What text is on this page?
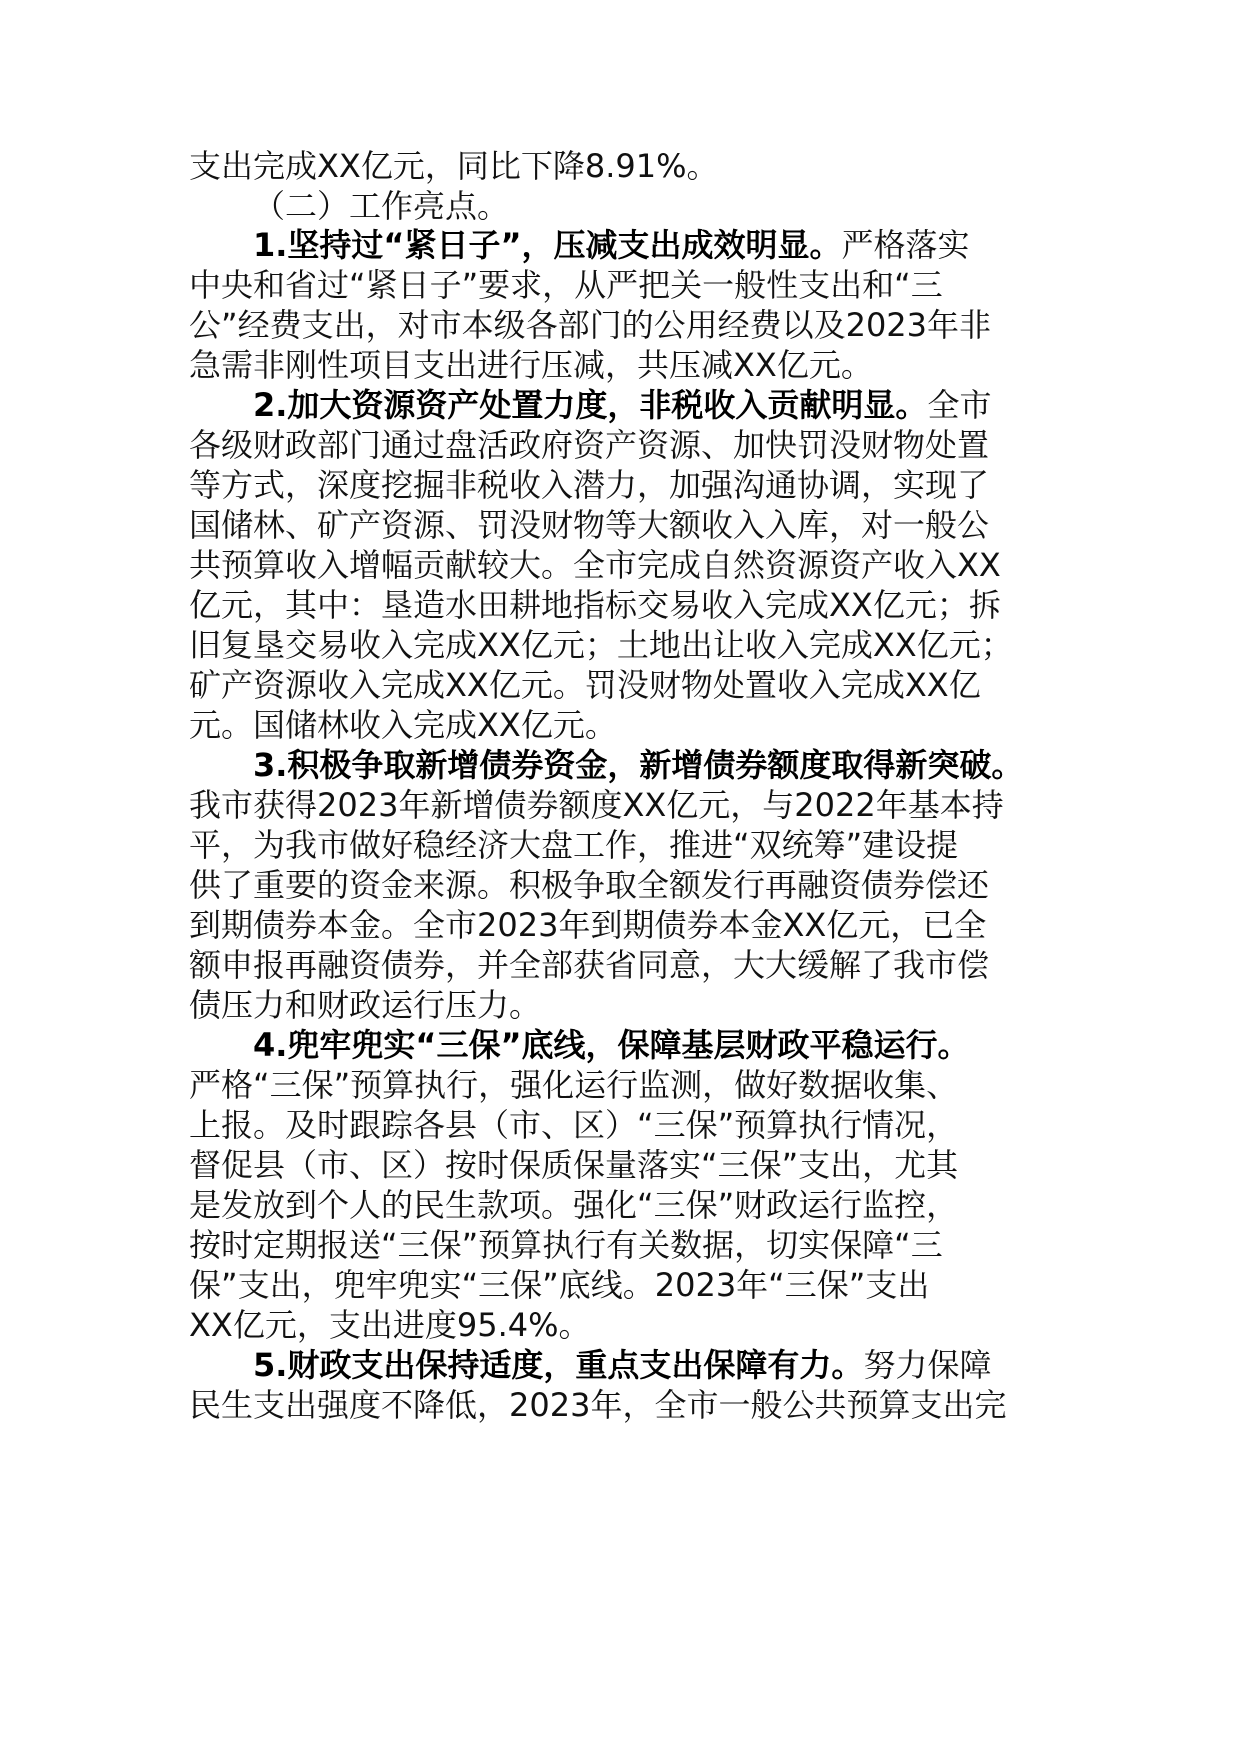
支出完成XX亿元，同比下降8.91%。
（二）工作亮点。
1.坚持过“紧日子”，压减支出成效明显。严格落实
中央和省过“紧日子”要求，从严把关一般性支出和“三
公”经费支出，对市本级各部门的公用经费以及2023年非
急需非刚性项目支出进行压减，共压减XX亿元。
2.加大资源资产处置力度，非税收入贡献明显。全市
各级财政部门通过盘活政府资产资源、加快罚没财物处置
等方式，深度挖掘非税收入潜力，加强沟通协调，实现了
国储林、矿产资源、罚没财物等大额收入入库，对一般公
共预算收入增幅贡献较大。全市完成自然资源资产收入XX
亿元，其中：垦造水田耕地指标交易收入完成XX亿元；拆
旧复垦交易收入完成XX亿元；土地出让收入完成XX亿元；
矿产资源收入完成XX亿元。罚没财物处置收入完成XX亿
元。国储林收入完成XX亿元。
3.积极争取新增债券资金，新增债券额度取得新突破。
我市获得2023年新增债券额度XX亿元，与2022年基本持
平，为我市做好稳经济大盘工作，推进“双统筹”建设提
供了重要的资金来源。积极争取全额发行再融资债券偿还
到期债券本金。全市2023年到期债券本金XX亿元，已全
额申报再融资债券，并全部获省同意，大大缓解了我市偿
债压力和财政运行压力。
4.兜牢兜实“三保”底线，保障基层财政平稳运行。
严格“三保”预算执行，强化运行监测，做好数据收集、
上报。及时跟踪各县（市、区）“三保”预算执行情况，
督促县（市、区）按时保质保量落实“三保”支出，尤其
是发放到个人的民生款项。强化“三保”财政运行监控，
按时定期报送“三保”预算执行有关数据，切实保障“三
保”支出，兜牢兜实“三保”底线。2023年“三保”支出
XX亿元，支出进度95.4%。
5.财政支出保持适度，重点支出保障有力。努力保障
民生支出强度不降低，2023年，全市一般公共预算支出完
